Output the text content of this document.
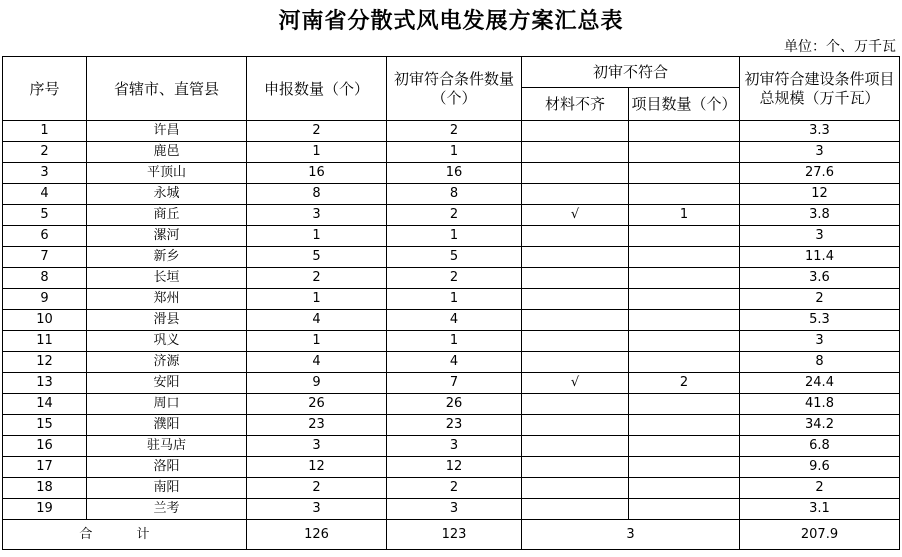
河南省分散式风电发展方案汇总表
单位：个、万千瓦
序号	省辖市、直管县	申报数量（个）	初审符合条件数量（个）	初审不符合		初审符合建设条件项目总规模（万千瓦）
				材料不齐	项目数量（个）	
1	许昌	2	2			3.3
2	鹿邑	1	1			3
3	平顶山	16	16			27.6
4	永城	8	8			12
5	商丘	3	2	√	1	3.8
6	漯河	1	1			3
7	新乡	5	5			11.4
8	长垣	2	2			3.6
9	郑州	1	1			2
10	滑县	4	4			5.3
11	巩义	1	1			3
12	济源	4	4			8
13	安阳	9	7	√	2	24.4
14	周口	26	26			41.8
15	濮阳	23	23			34.2
16	驻马店	3	3			6.8
17	洛阳	12	12			9.6
18	南阳	2	2			2
19	兰考	3	3			3.1
合 计		126	123	3		207.9
